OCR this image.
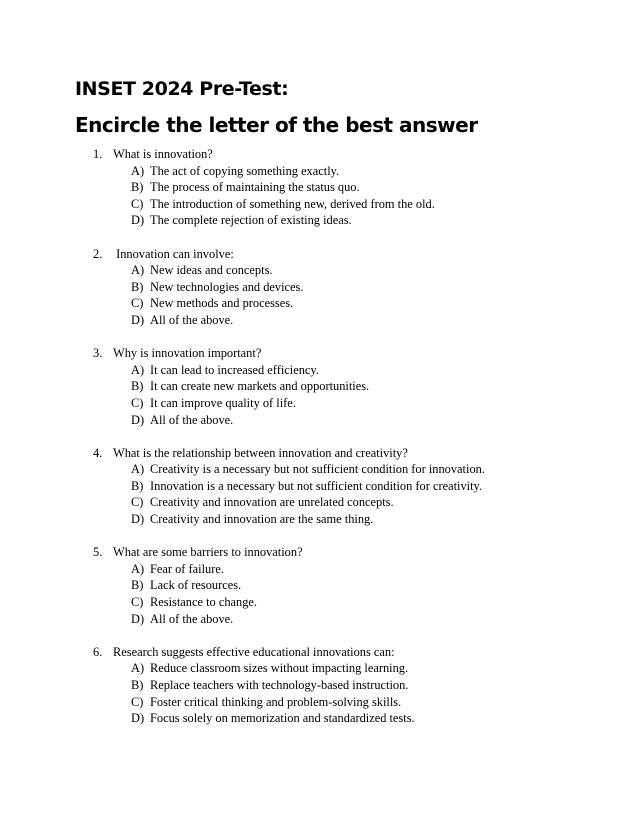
INSET 2024 Pre-Test:
Encircle the letter of the best answer
1. What is innovation?
A) The act of copying something exactly.
B) The process of maintaining the status quo.
C) The introduction of something new, derived from the old.
D) The complete rejection of existing ideas.
2. Innovation can involve:
A) New ideas and concepts.
B) New technologies and devices.
C) New methods and processes.
D) All of the above.
3. Why is innovation important?
A) It can lead to increased efficiency.
B) It can create new markets and opportunities.
C) It can improve quality of life.
D) All of the above.
4. What is the relationship between innovation and creativity?
A) Creativity is a necessary but not sufficient condition for innovation.
B) Innovation is a necessary but not sufficient condition for creativity.
C) Creativity and innovation are unrelated concepts.
D) Creativity and innovation are the same thing.
5. What are some barriers to innovation?
A) Fear of failure.
B) Lack of resources.
C) Resistance to change.
D) All of the above.
6. Research suggests effective educational innovations can:
A) Reduce classroom sizes without impacting learning.
B) Replace teachers with technology-based instruction.
C) Foster critical thinking and problem-solving skills.
D) Focus solely on memorization and standardized tests.
